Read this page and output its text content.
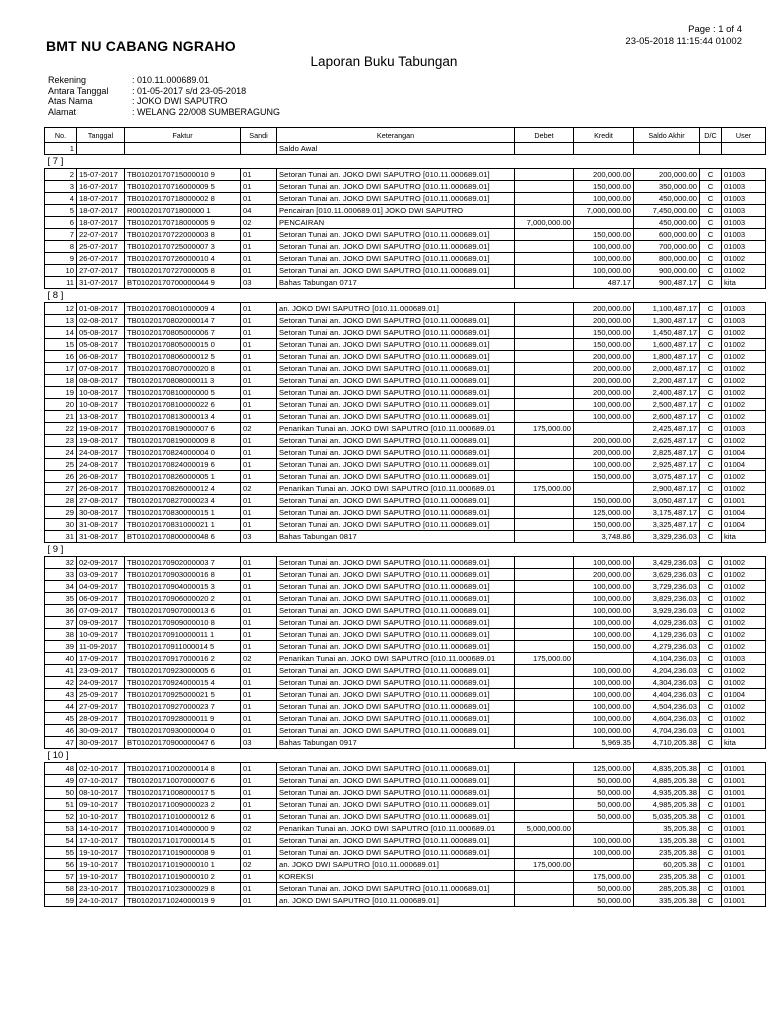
BMT NU CABANG NGRAHO
Page : 1 of 4
23-05-2018 11:15:44 01002
Laporan Buku Tabungan
Rekening	: 010.11.000689.01
Antara Tanggal	: 01-05-2017 s/d 23-05-2018
Atas Nama	: JOKO DWI SAPUTRO
Alamat	: WELANG 22/008 SUMBERAGUNG
No.	Tanggal	Faktur	Sandi	Keterangan	Debet	Kredit	Saldo Akhir	D/C	User
1				Saldo Awal					
[ 7 ]									
2	15-07-2017	TB01020170715000010 9	01	Setoran Tunai an. JOKO DWI SAPUTRO [010.11.000689.01]		200,000.00	200,000.00	C	01003
3	16-07-2017	TB01020170716000009 5	01	Setoran Tunai an. JOKO DWI SAPUTRO [010.11.000689.01]		150,000.00	350,000.00	C	01003
4	18-07-2017	TB01020170718000002 8	01	Setoran Tunai an. JOKO DWI SAPUTRO [010.11.000689.01]		100,000.00	450,000.00	C	01003
5	18-07-2017	R00102017071800000 1	04	Pencairan [010.11.000689.01] JOKO DWI SAPUTRO		7,000,000.00	7,450,000.00	C	01003
6	18-07-2017	TB01020170718000005 9	02	PENCAIRAN	7,000,000.00		450,000.00	C	01003
7	22-07-2017	TB01020170722000003 8	01	Setoran Tunai an. JOKO DWI SAPUTRO [010.11.000689.01]		150,000.00	600,000.00	C	01003
8	25-07-2017	TB01020170725000007 3	01	Setoran Tunai an. JOKO DWI SAPUTRO [010.11.000689.01]		100,000.00	700,000.00	C	01003
9	26-07-2017	TB01020170726000010 4	01	Setoran Tunai an. JOKO DWI SAPUTRO [010.11.000689.01]		100,000.00	800,000.00	C	01002
10	27-07-2017	TB01020170727000005 8	01	Setoran Tunai an. JOKO DWI SAPUTRO [010.11.000689.01]		100,000.00	900,000.00	C	01002
11	31-07-2017	BT01020170700000044 9	03	Bahas Tabungan 0717		487.17	900,487.17	C	kita
[ 8 ]									
12	01-08-2017	TB01020170801000009 4	01	an. JOKO DWI SAPUTRO [010.11.000689.01]		200,000.00	1,100,487.17	C	01003
13	02-08-2017	TB01020170802000014 7	01	Setoran Tunai an. JOKO DWI SAPUTRO [010.11.000689.01]		200,000.00	1,300,487.17	C	01003
14	05-08-2017	TB01020170805000006 7	01	Setoran Tunai an. JOKO DWI SAPUTRO [010.11.000689.01]		150,000.00	1,450,487.17	C	01002
15	05-08-2017	TB01020170805000015 0	01	Setoran Tunai an. JOKO DWI SAPUTRO [010.11.000689.01]		150,000.00	1,600,487.17	C	01002
16	06-08-2017	TB01020170806000012 5	01	Setoran Tunai an. JOKO DWI SAPUTRO [010.11.000689.01]		200,000.00	1,800,487.17	C	01002
17	07-08-2017	TB01020170807000020 8	01	Setoran Tunai an. JOKO DWI SAPUTRO [010.11.000689.01]		200,000.00	2,000,487.17	C	01002
18	08-08-2017	TB01020170808000011 3	01	Setoran Tunai an. JOKO DWI SAPUTRO [010.11.000689.01]		200,000.00	2,200,487.17	C	01002
19	10-08-2017	TB01020170810000000 5	01	Setoran Tunai an. JOKO DWI SAPUTRO [010.11.000689.01]		200,000.00	2,400,487.17	C	01002
20	10-08-2017	TB01020170810000022 6	01	Setoran Tunai an. JOKO DWI SAPUTRO [010.11.000689.01]		100,000.00	2,500,487.17	C	01002
21	13-08-2017	TB01020170813000013 4	01	Setoran Tunai an. JOKO DWI SAPUTRO [010.11.000689.01]		100,000.00	2,600,487.17	C	01002
22	19-08-2017	TB01020170819000007 6	02	Penarikan Tunai an. JOKO DWI SAPUTRO [010.11.000689.01	175,000.00		2,425,487.17	C	01003
23	19-08-2017	TB01020170819000009 8	01	Setoran Tunai an. JOKO DWI SAPUTRO [010.11.000689.01]		200,000.00	2,625,487.17	C	01002
24	24-08-2017	TB01020170824000004 0	01	Setoran Tunai an. JOKO DWI SAPUTRO [010.11.000689.01]		200,000.00	2,825,487.17	C	01004
25	24-08-2017	TB01020170824000019 6	01	Setoran Tunai an. JOKO DWI SAPUTRO [010.11.000689.01]		100,000.00	2,925,487.17	C	01004
26	26-08-2017	TB01020170826000005 1	01	Setoran Tunai an. JOKO DWI SAPUTRO [010.11.000689.01]		150,000.00	3,075,487.17	C	01002
27	26-08-2017	TB01020170826000012 4	02	Penarikan Tunai an. JOKO DWI SAPUTRO [010.11.000689.01	175,000.00		2,900,487.17	C	01002
28	27-08-2017	TB01020170827000023 4	01	Setoran Tunai an. JOKO DWI SAPUTRO [010.11.000689.01]		150,000.00	3,050,487.17	C	01001
29	30-08-2017	TB01020170830000015 1	01	Setoran Tunai an. JOKO DWI SAPUTRO [010.11.000689.01]		125,000.00	3,175,487.17	C	01004
30	31-08-2017	TB01020170831000021 1	01	Setoran Tunai an. JOKO DWI SAPUTRO [010.11.000689.01]		150,000.00	3,325,487.17	C	01004
31	31-08-2017	BT01020170800000048 6	03	Bahas Tabungan 0817		3,748.86	3,329,236.03	C	kita
[ 9 ]									
32	02-09-2017	TB01020170902000003 7	01	Setoran Tunai an. JOKO DWI SAPUTRO [010.11.000689.01]		100,000.00	3,429,236.03	C	01002
33	03-09-2017	TB01020170903000016 8	01	Setoran Tunai an. JOKO DWI SAPUTRO [010.11.000689.01]		200,000.00	3,629,236.03	C	01002
34	04-09-2017	TB01020170904000015 3	01	Setoran Tunai an. JOKO DWI SAPUTRO [010.11.000689.01]		100,000.00	3,729,236.03	C	01002
35	06-09-2017	TB01020170906000020 2	01	Setoran Tunai an. JOKO DWI SAPUTRO [010.11.000689.01]		100,000.00	3,829,236.03	C	01002
36	07-09-2017	TB01020170907000013 6	01	Setoran Tunai an. JOKO DWI SAPUTRO [010.11.000689.01]		100,000.00	3,929,236.03	C	01002
37	09-09-2017	TB01020170909000010 8	01	Setoran Tunai an. JOKO DWI SAPUTRO [010.11.000689.01]		100,000.00	4,029,236.03	C	01002
38	10-09-2017	TB01020170910000011 1	01	Setoran Tunai an. JOKO DWI SAPUTRO [010.11.000689.01]		100,000.00	4,129,236.03	C	01002
39	11-09-2017	TB01020170911000014 5	01	Setoran Tunai an. JOKO DWI SAPUTRO [010.11.000689.01]		150,000.00	4,279,236.03	C	01002
40	17-09-2017	TB01020170917000016 2	02	Penarikan Tunai an. JOKO DWI SAPUTRO [010.11.000689.01	175,000.00		4,104,236.03	C	01003
41	23-09-2017	TB01020170923000005 6	01	Setoran Tunai an. JOKO DWI SAPUTRO [010.11.000689.01]		100,000.00	4,204,236.03	C	01002
42	24-09-2017	TB01020170924000015 4	01	Setoran Tunai an. JOKO DWI SAPUTRO [010.11.000689.01]		100,000.00	4,304,236.03	C	01002
43	25-09-2017	TB01020170925000021 5	01	Setoran Tunai an. JOKO DWI SAPUTRO [010.11.000689.01]		100,000.00	4,404,236.03	C	01004
44	27-09-2017	TB01020170927000023 7	01	Setoran Tunai an. JOKO DWI SAPUTRO [010.11.000689.01]		100,000.00	4,504,236.03	C	01002
45	28-09-2017	TB01020170928000011 9	01	Setoran Tunai an. JOKO DWI SAPUTRO [010.11.000689.01]		100,000.00	4,604,236.03	C	01002
46	30-09-2017	TB01020170930000004 0	01	Setoran Tunai an. JOKO DWI SAPUTRO [010.11.000689.01]		100,000.00	4,704,236.03	C	01001
47	30-09-2017	BT01020170900000047 6	03	Bahas Tabungan 0917		5,969.35	4,710,205.38	C	kita
[ 10 ]									
48	02-10-2017	TB01020171002000014 8	01	Setoran Tunai an. JOKO DWI SAPUTRO [010.11.000689.01]		125,000.00	4,835,205.38	C	01001
49	07-10-2017	TB01020171007000007 6	01	Setoran Tunai an. JOKO DWI SAPUTRO [010.11.000689.01]		50,000.00	4,885,205.38	C	01001
50	08-10-2017	TB01020171008000017 5	01	Setoran Tunai an. JOKO DWI SAPUTRO [010.11.000689.01]		50,000.00	4,935,205.38	C	01001
51	09-10-2017	TB01020171009000023 2	01	Setoran Tunai an. JOKO DWI SAPUTRO [010.11.000689.01]		50,000.00	4,985,205.38	C	01001
52	10-10-2017	TB01020171010000012 6	01	Setoran Tunai an. JOKO DWI SAPUTRO [010.11.000689.01]		50,000.00	5,035,205.38	C	01001
53	14-10-2017	TB01020171014000000 9	02	Penarikan Tunai an. JOKO DWI SAPUTRO [010.11.000689.01	5,000,000.00		35,205.38	C	01001
54	17-10-2017	TB01020171017000014 5	01	Setoran Tunai an. JOKO DWI SAPUTRO [010.11.000689.01]		100,000.00	135,205.38	C	01001
55	19-10-2017	TB01020171019000008 9	01	Setoran Tunai an. JOKO DWI SAPUTRO [010.11.000689.01]		100,000.00	235,205.38	C	01001
56	19-10-2017	TB01020171019000010 1	02	an. JOKO DWI SAPUTRO [010.11.000689.01]	175,000.00		60,205.38	C	01001
57	19-10-2017	TB01020171019000010 2	01	KOREKSI		175,000.00	235,205.38	C	01001
58	23-10-2017	TB01020171023000029 8	01	Setoran Tunai an. JOKO DWI SAPUTRO [010.11.000689.01]		50,000.00	285,205.38	C	01001
59	24-10-2017	TB01020171024000019 9	01	an. JOKO DWI SAPUTRO [010.11.000689.01]		50,000.00	335,205.38	C	01001
